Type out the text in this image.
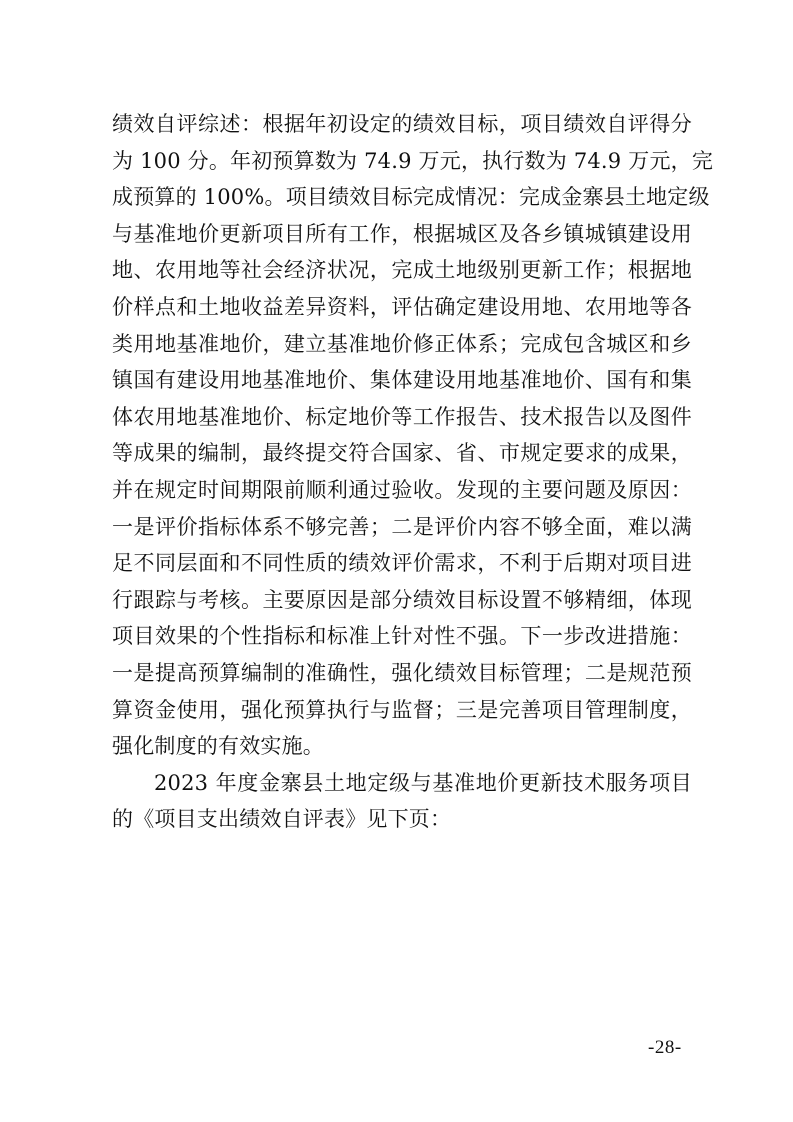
绩效自评综述：根据年初设定的绩效目标，项目绩效自评得分
为 100 分。年初预算数为 74.9 万元，执行数为 74.9 万元，完
成预算的 100%。项目绩效目标完成情况：完成金寨县土地定级
与基准地价更新项目所有工作，根据城区及各乡镇城镇建设用
地、农用地等社会经济状况，完成土地级别更新工作；根据地
价样点和土地收益差异资料，评估确定建设用地、农用地等各
类用地基准地价，建立基准地价修正体系；完成包含城区和乡
镇国有建设用地基准地价、集体建设用地基准地价、国有和集
体农用地基准地价、标定地价等工作报告、技术报告以及图件
等成果的编制，最终提交符合国家、省、市规定要求的成果，
并在规定时间期限前顺利通过验收。发现的主要问题及原因：
一是评价指标体系不够完善；二是评价内容不够全面，难以满
足不同层面和不同性质的绩效评价需求，不利于后期对项目进
行跟踪与考核。主要原因是部分绩效目标设置不够精细，体现
项目效果的个性指标和标准上针对性不强。下一步改进措施：
一是提高预算编制的准确性，强化绩效目标管理；二是规范预
算资金使用，强化预算执行与监督；三是完善项目管理制度，
强化制度的有效实施。
2023 年度金寨县土地定级与基准地价更新技术服务项目
的《项目支出绩效自评表》见下页：
-28-
